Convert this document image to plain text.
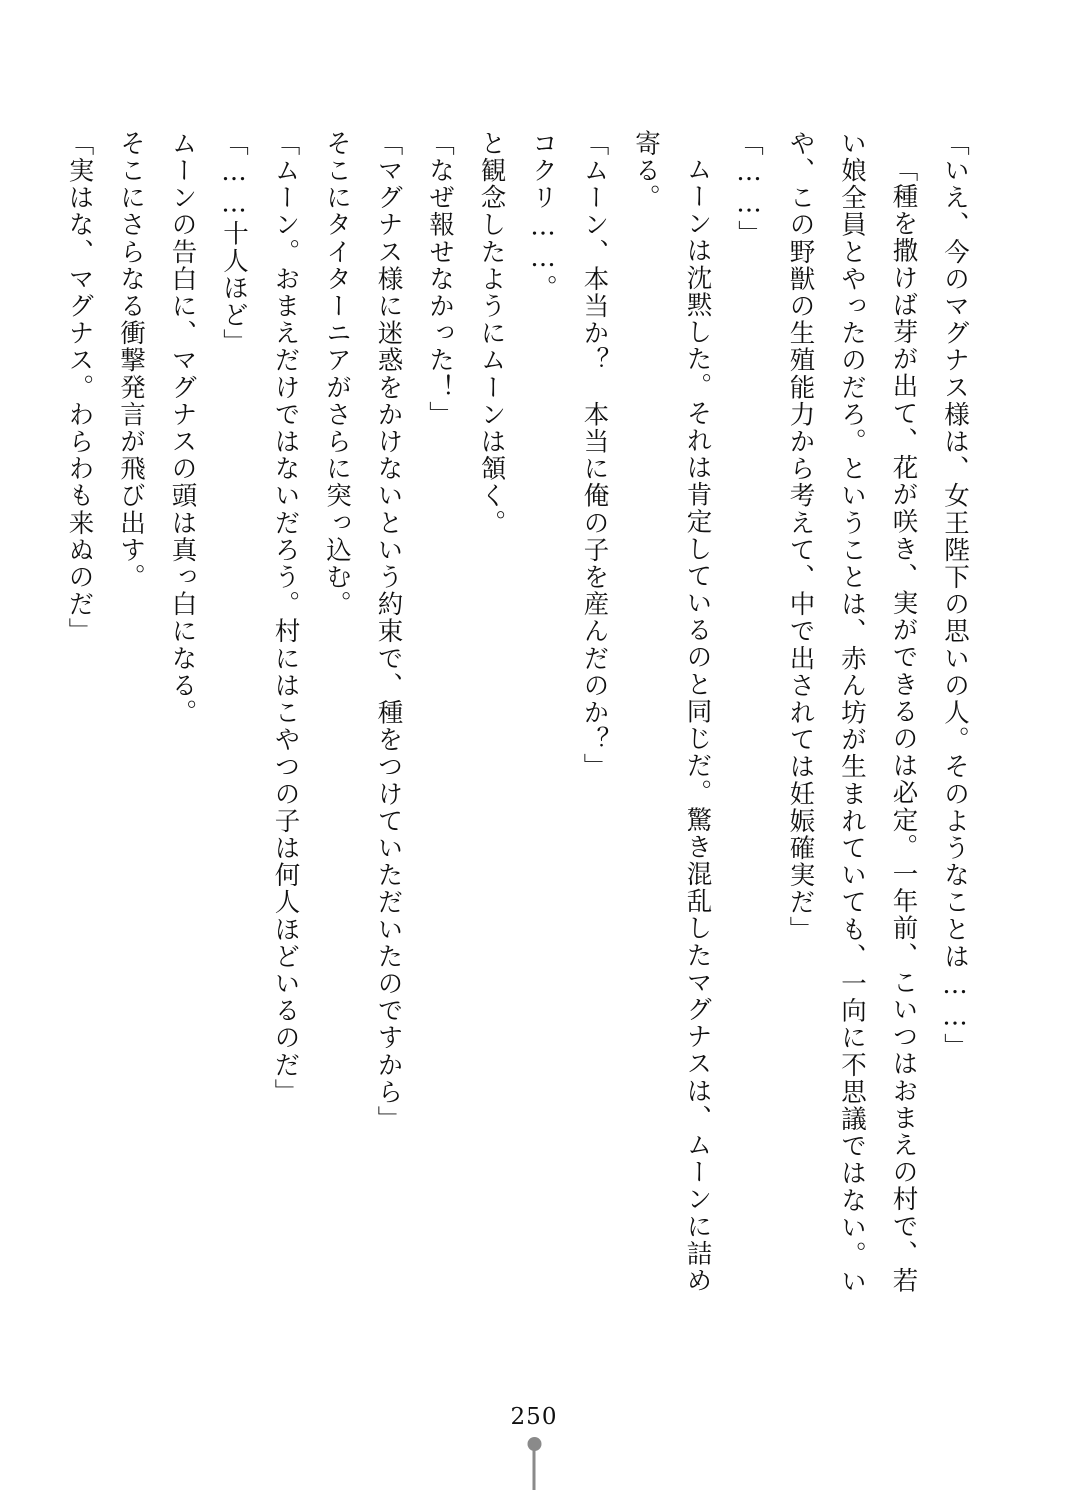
「いえ、今のマグナス様は、女王陛下の思いの人。そのようなことは……」

「種を撒けば芽が出て、花が咲き、実ができるのは必定。一年前、こいつはおまえの村で、若い娘全員とやったのだろ。ということは、赤ん坊が生まれていても、一向に不思議ではない。いや、この野獣の生殖能力から考えて、中で出されては妊娠確実だ」

「……」

ムーンは沈黙した。それは肯定しているのと同じだ。驚き混乱したマグナスは、ムーンに詰め寄る。

「ムーン、本当か？　本当に俺の子を産んだのか？」

コクリ……。

と観念したようにムーンは頷く。

「なぜ報せなかった！」

「マグナス様に迷惑をかけないという約束で、種をつけていただいたのですから」

そこにタイターニアがさらに突っ込む。

「ムーン。おまえだけではないだろう。村にはこやつの子は何人ほどいるのだ」

「……十人ほど」

ムーンの告白に、マグナスの頭は真っ白になる。

そこにさらなる衝撃発言が飛び出す。

「実はな、マグナス。わらわも来ぬのだ」

250
